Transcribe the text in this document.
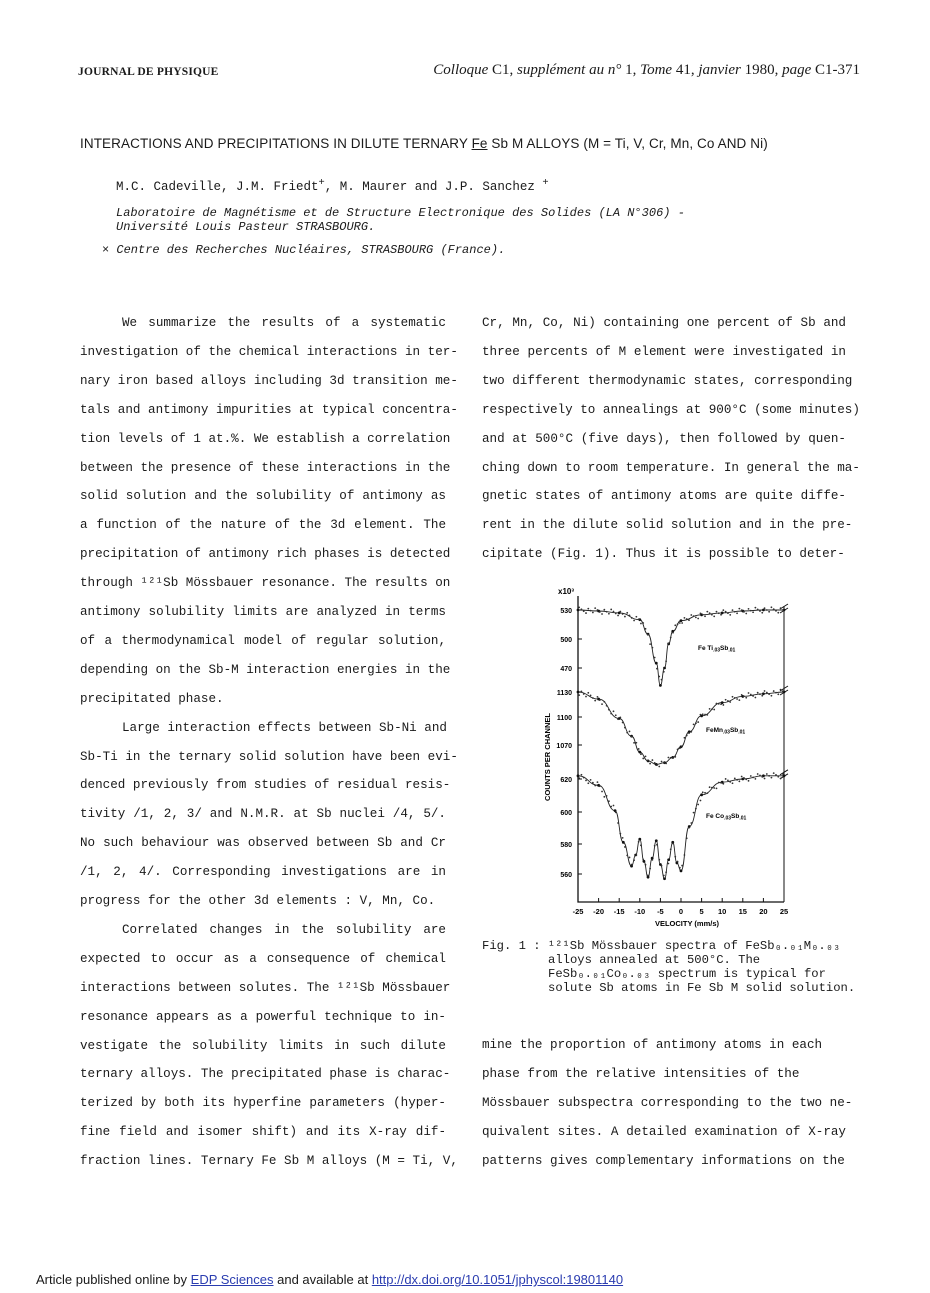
JOURNAL DE PHYSIQUE	Colloque C1, supplément au n° 1, Tome 41, janvier 1980, page C1-371
INTERACTIONS AND PRECIPITATIONS IN DILUTE TERNARY Fe Sb M ALLOYS (M = Ti, V, Cr, Mn, Co AND Ni)
M.C. Cadeville, J.M. Friedt+, M. Maurer and J.P. Sanchez +
Laboratoire de Magnétisme et de Structure Electronique des Solides (LA N°306) -
Université Louis Pasteur STRASBOURG.
× Centre des Recherches Nucléaires, STRASBOURG (France).
We summarize the results of a systematic
investigation of the chemical interactions in ter-
nary iron based alloys including 3d transition me-
tals and antimony impurities at typical concentra-
tion levels of 1 at.%. We establish a correlation
between the presence of these interactions in the
solid solution and the solubility of antimony as
a function of the nature of the 3d element. The
precipitation of antimony rich phases is detected
through ¹²¹Sb Mössbauer resonance. The results on
antimony solubility limits are analyzed in terms
of a thermodynamical model of regular solution,
depending on the Sb-M interaction energies in the
precipitated phase.
Large interaction effects between Sb-Ni and
Sb-Ti in the ternary solid solution have been evi-
denced previously from studies of residual resis-
tivity /1, 2, 3/ and N.M.R. at Sb nuclei /4, 5/.
No such behaviour was observed between Sb and Cr
/1, 2, 4/. Corresponding investigations are in
progress for the other 3d elements : V, Mn, Co.
Correlated changes in the solubility are
expected to occur as a consequence of chemical
interactions between solutes. The ¹²¹Sb Mössbauer
resonance appears as a powerful technique to in-
vestigate the solubility limits in such dilute
ternary alloys. The precipitated phase is charac-
terized by both its hyperfine parameters (hyper-
fine field and isomer shift) and its X-ray dif-
fraction lines. Ternary Fe Sb M alloys (M = Ti, V,
Cr, Mn, Co, Ni) containing one percent of Sb and
three percents of M element were investigated in
two different thermodynamic states, corresponding
respectively to annealings at 900°C (some minutes)
and at 500°C (five days), then followed by quen-
ching down to room temperature. In general the ma-
gnetic states of antimony atoms are quite diffe-
rent in the dilute solid solution and in the pre-
cipitate (Fig. 1). Thus it is possible to deter-
mine the proportion of antimony atoms in each
phase from the relative intensities of the
Mössbauer subspectra corresponding to the two ne-
quivalent sites. A detailed examination of X-ray
patterns gives complementary informations on the
x10³
-25 -20 -15 -10 -5 0 5 10 15 20 25
VELOCITY (mm/s)
COUNTS PER CHANNEL
530
500
470
Fe $Ti_{.03}Sb_{.01}$
1130
1100
1070
$FeMn_{.03}Sb_{.01}$
620
600
580
560
Fe $Co_{.03}Sb_{.01}$
Fig. 1 : ¹²¹Sb Mössbauer spectra of FeSb₀.₀₁M₀.₀₃
alloys annealed at 500°C. The
FeSb₀.₀₁Co₀.₀₃ spectrum is typical for
solute Sb atoms in Fe Sb M solid solution.
Article published online by EDP Sciences and available at http://dx.doi.org/10.1051/jphyscol:19801140
